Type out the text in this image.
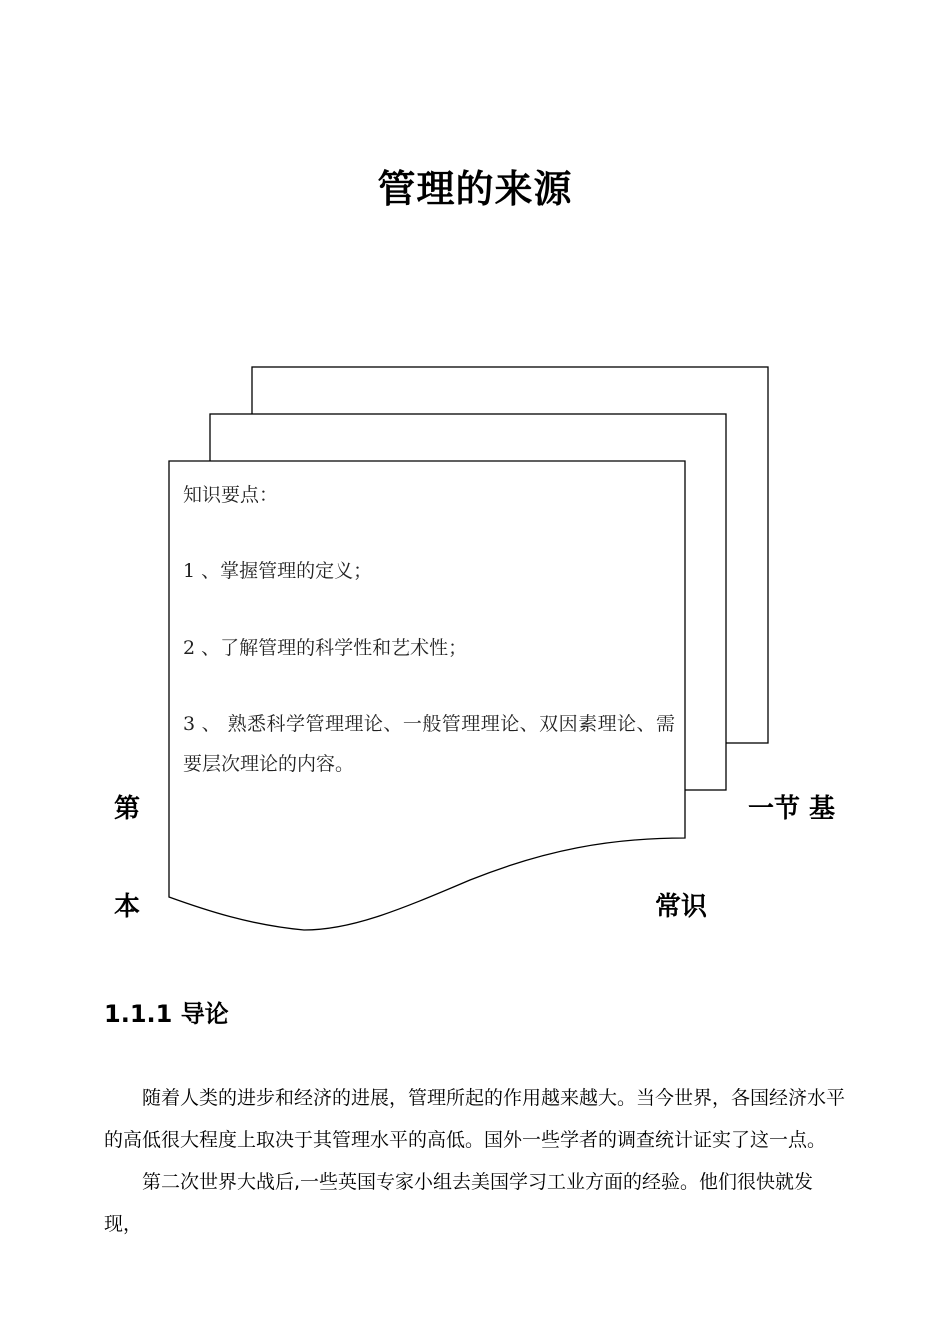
管理的来源
知识要点：
1 、掌握管理的定义；
2 、了解管理的科学性和艺术性；
3 、 熟悉科学管理理论、一般管理理论、双因素理论、需要层次理论的内容。
第	一节 基
本	常识
1.1.1 导论
随着人类的进步和经济的进展，管理所起的作用越来越大。当今世界，各国经济水平的高低很大程度上取决于其管理水平的高低。国外一些学者的调查统计证实了这一点。
第二次世界大战后,一些英国专家小组去美国学习工业方面的经验。他们很快就发现，
